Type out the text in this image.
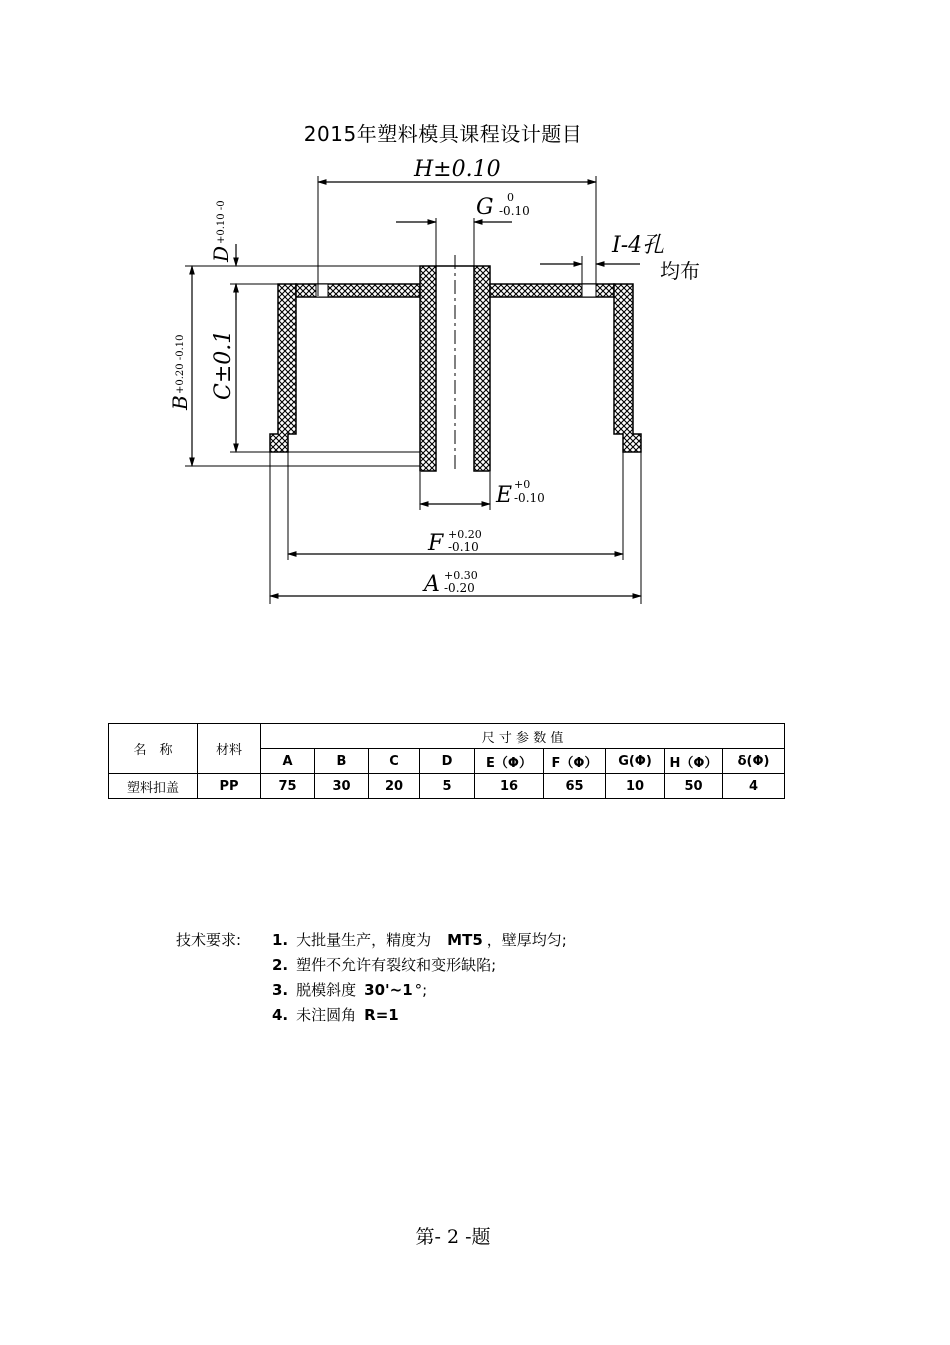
2015年塑料模具课程设计题目
H±0.10
G 0
-0.10
I-4孔
均布
D
+0.10 -0
B
+0.20 -0.10 C±0.1
E +0
-0.10
F +0.20
-0.10
A +0.30
-0.20
名　称	材料	尺 寸 参 数 值								
		A	B	C	D	E（Φ）	F（Φ）	G(Φ)	H（Φ）	δ(Φ)
塑料扣盖	PP	75	30	20	5	16	65	10	50	4
技术要求:	1. 大批量生产，精度为 MT5 ，壁厚均匀;
2. 塑件不允许有裂纹和变形缺陷;
3. 脱模斜度 30'~1 °;
4. 未注圆角 R=1
第- 2 -题
